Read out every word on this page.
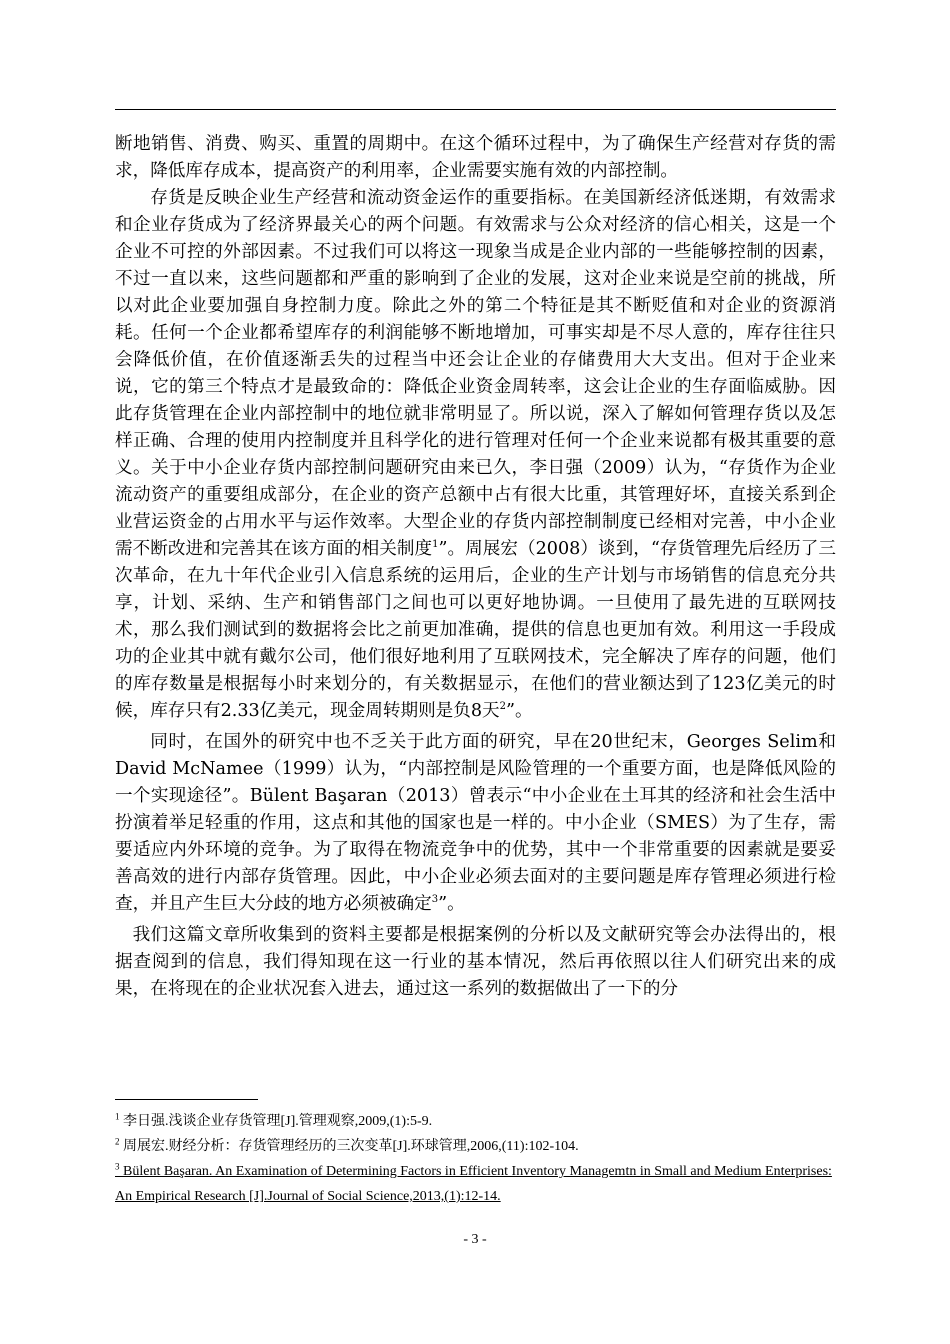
断地销售、消费、购买、重置的周期中。在这个循环过程中，为了确保生产经营对存货的需求，降低库存成本，提高资产的利用率，企业需要实施有效的内部控制。

存货是反映企业生产经营和流动资金运作的重要指标。在美国新经济低迷期，有效需求和企业存货成为了经济界最关心的两个问题。有效需求与公众对经济的信心相关，这是一个企业不可控的外部因素。不过我们可以将这一现象当成是企业内部的一些能够控制的因素，不过一直以来，这些问题都和严重的影响到了企业的发展，这对企业来说是空前的挑战，所以对此企业要加强自身控制力度。除此之外的第二个特征是其不断贬值和对企业的资源消耗。任何一个企业都希望库存的利润能够不断地增加，可事实却是不尽人意的，库存往往只会降低价值，在价值逐渐丢失的过程当中还会让企业的存储费用大大支出。但对于企业来说，它的第三个特点才是最致命的：降低企业资金周转率，这会让企业的生存面临威胁。因此存货管理在企业内部控制中的地位就非常明显了。所以说，深入了解如何管理存货以及怎样正确、合理的使用内控制度并且科学化的进行管理对任何一个企业来说都有极其重要的意义。关于中小企业存货内部控制问题研究由来已久，李日强（2009）认为，“存货作为企业流动资产的重要组成部分，在企业的资产总额中占有很大比重，其管理好坏，直接关系到企业营运资金的占用水平与运作效率。大型企业的存货内部控制制度已经相对完善，中小企业需不断改进和完善其在该方面的相关制度$^1$”。周展宏（2008）谈到，“存货管理先后经历了三次革命，在九十年代企业引入信息系统的运用后，企业的生产计划与市场销售的信息充分共享，计划、采纳、生产和销售部门之间也可以更好地协调。一旦使用了最先进的互联网技术，那么我们测试到的数据将会比之前更加准确，提供的信息也更加有效。利用这一手段成功的企业其中就有戴尔公司，他们很好地利用了互联网技术，完全解决了库存的问题，他们的库存数量是根据每小时来划分的，有关数据显示，在他们的营业额达到了123亿美元的时候，库存只有2.33亿美元，现金周转期则是负8天$^2$”。

同时，在国外的研究中也不乏关于此方面的研究，早在20世纪末，Georges Selim和David McNamee（1999）认为，“内部控制是风险管理的一个重要方面，也是降低风险的一个实现途径”。Bülent Başaran（2013）曾表示“中小企业在土耳其的经济和社会生活中扮演着举足轻重的作用，这点和其他的国家也是一样的。中小企业（SMES）为了生存，需要适应内外环境的竞争。为了取得在物流竞争中的优势，其中一个非常重要的因素就是要妥善高效的进行内部存货管理。因此，中小企业必须去面对的主要问题是库存管理必须进行检查，并且产生巨大分歧的地方必须被确定$^3$”。

我们这篇文章所收集到的资料主要都是根据案例的分析以及文献研究等会办法得出的，根据查阅到的信息，我们得知现在这一行业的基本情况，然后再依照以往人们研究出来的成果，在将现在的企业状况套入进去，通过这一系列的数据做出了一下的分

$^1$ 李日强.浅谈企业存货管理[J].管理观察,2009,(1):5-9.
$^2$ 周展宏.财经分析：存货管理经历的三次变革[J].环球管理,2006,(11):102-104.
$^3$ Bülent Başaran. An Examination of Determining Factors in Efficient Inventory Managemtn in Small and Medium Enterprises: An Empirical Research [J].Journal of Social Science,2013,(1):12-14.
- 3 -
